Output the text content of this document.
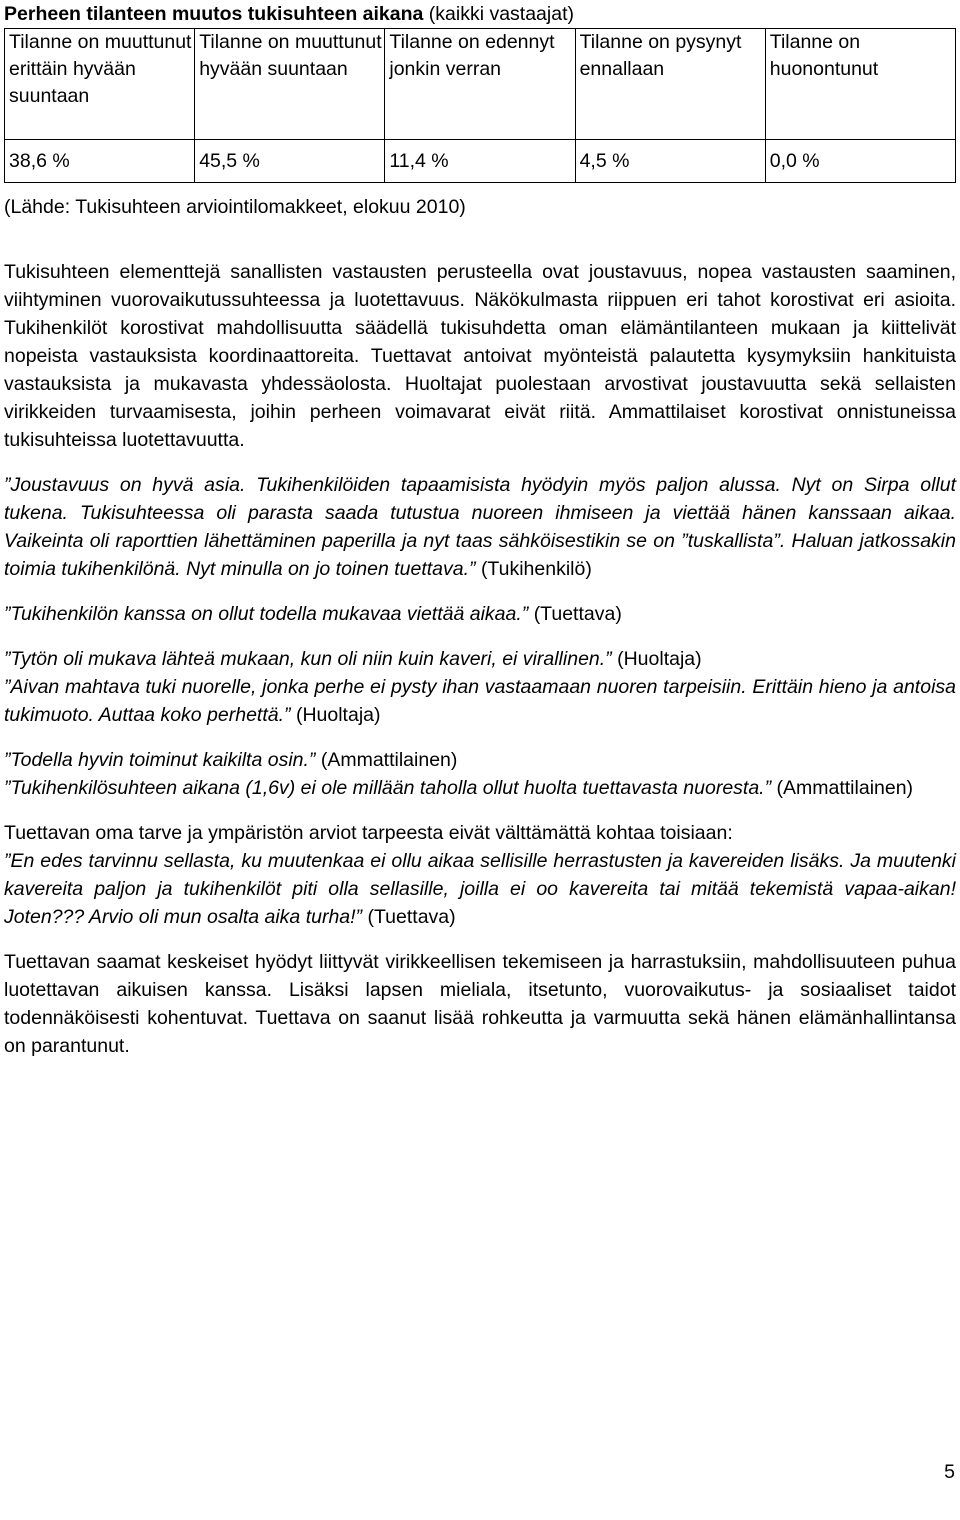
Perheen tilanteen muutos tukisuhteen aikana (kaikki vastaajat)

Tilanne on muuttunut erittäin hyvään suuntaan	Tilanne on muuttunut hyvään suuntaan	Tilanne on edennyt jonkin verran	Tilanne on pysynyt ennallaan	Tilanne on huonontunut
38,6 %	45,5 %	11,4 %	4,5 %	0,0 %

(Lähde: Tukisuhteen arviointilomakkeet, elokuu 2010)

Tukisuhteen elementtejä sanallisten vastausten perusteella ovat joustavuus, nopea vastausten saaminen, viihtyminen vuorovaikutussuhteessa ja luotettavuus. Näkökulmasta riippuen eri tahot korostivat eri asioita. Tukihenkilöt korostivat mahdollisuutta säädellä tukisuhdetta oman elämäntilanteen mukaan ja kiittelivät nopeista vastauksista koordinaattoreita. Tuettavat antoivat myönteistä palautetta kysymyksiin hankituista vastauksista ja mukavasta yhdessäolosta. Huoltajat puolestaan arvostivat joustavuutta sekä sellaisten virikkeiden turvaamisesta, joihin perheen voimavarat eivät riitä. Ammattilaiset korostivat onnistuneissa tukisuhteissa luotettavuutta.

”Joustavuus on hyvä asia. Tukihenkilöiden tapaamisista hyödyin myös paljon alussa. Nyt on Sirpa ollut tukena. Tukisuhteessa oli parasta saada tutustua nuoreen ihmiseen ja viettää hänen kanssaan aikaa. Vaikeinta oli raporttien lähettäminen paperilla ja nyt taas sähköisestikin se on ”tuskallista”. Haluan jatkossakin toimia tukihenkilönä. Nyt minulla on jo toinen tuettava.” (Tukihenkilö)

”Tukihenkilön kanssa on ollut todella mukavaa viettää aikaa.” (Tuettava)

”Tytön oli mukava lähteä mukaan, kun oli niin kuin kaveri, ei virallinen.” (Huoltaja)

”Aivan mahtava tuki nuorelle, jonka perhe ei pysty ihan vastaamaan nuoren tarpeisiin. Erittäin hieno ja antoisa tukimuoto. Auttaa koko perhettä.” (Huoltaja)

”Todella hyvin toiminut kaikilta osin.” (Ammattilainen)

”Tukihenkilösuhteen aikana (1,6v) ei ole millään taholla ollut huolta tuettavasta nuoresta.” (Ammattilainen)

Tuettavan oma tarve ja ympäristön arviot tarpeesta eivät välttämättä kohtaa toisiaan:

”En edes tarvinnu sellasta, ku muutenkaa ei ollu aikaa sellisille herrastusten ja kavereiden lisäks. Ja muutenki kavereita paljon ja tukihenkilöt piti olla sellasille, joilla ei oo kavereita tai mitää tekemistä vapaa-aikan! Joten??? Arvio oli mun osalta aika turha!” (Tuettava)

Tuettavan saamat keskeiset hyödyt liittyvät virikkeellisen tekemiseen ja harrastuksiin, mahdollisuuteen puhua luotettavan aikuisen kanssa. Lisäksi lapsen mieliala, itsetunto, vuorovaikutus- ja sosiaaliset taidot todennäköisesti kohentuvat. Tuettava on saanut lisää rohkeutta ja varmuutta sekä hänen elämänhallintansa on parantunut.

5
